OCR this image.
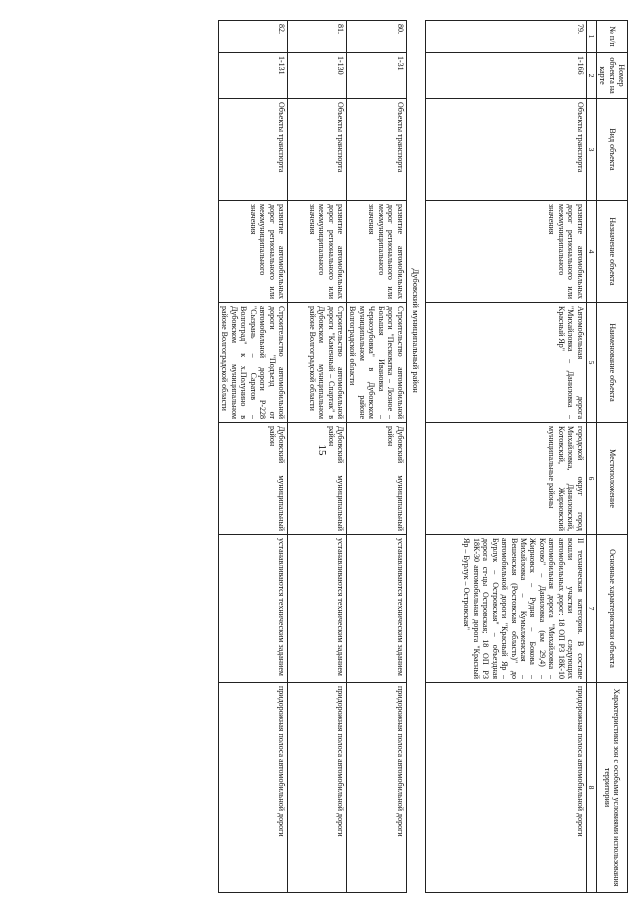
15
№ п/п	Номер объекта на карте	Вид объекта	Назначение объекта	Наименование объекта	Местоположение	Основные характеристики объекта	Характеристики зон с особыми условиями использования территории
1	2	3	4	5	6	7	8
79.	1-166	Объекты транспорта	развитие автомобильных дорог регионального или межмуниципального значения	Автомобильная дорога "Михайловка – Даниловка – Красный Яр"	городской округ город Михайловка, Даниловский, Котовский, Жирновский муниципальные районы	II техническая категория. В составе вошли участки следующих автомобильных дорог: 18 ОП РЗ 18К-10 автомобильная дорога "Михайловка – Котово" – Даниловка (км 29,4) – Жирновск – Рудня – Бокова – Михайловка – Кумылженская – Вешенская (Ростовская область)" до автомобильной дороги "Красный Яр – Бурлук – Островская" – объездная дорога ст-цы Островская; 18 ОП РЗ 18К-30 автомобильная дорога "Красный Яр – Бурлук – Островская"	придорожная полоса автомобильной дороги
Дубовский муниципальный район							
80.	1-31	Объекты транспорта	развитие автомобильных дорог регионального или межмуниципального значения	Строительство автомобильной дороги "Песковатка – Лозное – Большая Ивановка – Черноэубовка" в Дубовском муниципальном районе Волгоградской области	Дубовский муниципальный район	устанавливаются техническим заданием	придорожная полоса автомобильной дороги
81.	1-130	Объекты транспорта	развитие автомобильных дорог регионального или межмуниципального значения	Строительство автомобильной дороги "Каменный – Спартак" в Дубовском муниципальном районе Волгоградской области	Дубовский муниципальный район	устанавливаются техническим заданием	придорожная полоса автомобильной дороги
82.	1-131	Объекты транспорта	развитие автомобильных дорог регионального или межмуниципального значения	Строительство автомобильной дороги "Подъезд от автомобильной дороги Р-228 "Сызрань – Саратов – Волгоград" к х.Полунино в Дубовском муниципальном районе Волгоградской области	Дубовский муниципальный район	устанавливаются техническим заданием	придорожная полоса автомобильной дороги
